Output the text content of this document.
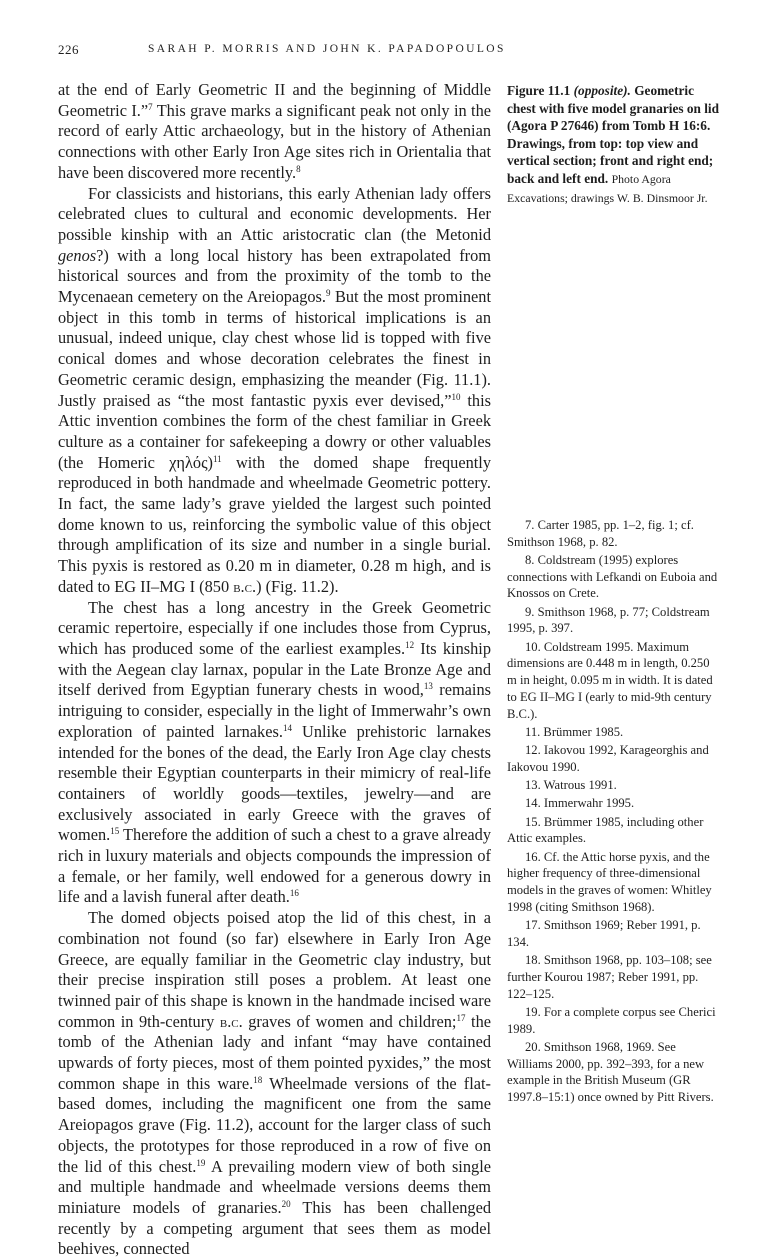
226	SARAH P. MORRIS AND JOHN K. PAPADOPOULOS

at the end of Early Geometric II and the beginning of Middle Geometric I.”$^7$ This grave marks a significant peak not only in the record of early Attic archaeology, but in the history of Athenian connections with other Early Iron Age sites rich in Orientalia that have been discovered more recently.$^8$

For classicists and historians, this early Athenian lady offers celebrated clues to cultural and economic developments. Her possible kinship with an Attic aristocratic clan (the Metonid genos?) with a long local history has been extrapolated from historical sources and from the proximity of the tomb to the Mycenaean cemetery on the Areiopagos.$^9$ But the most prominent object in this tomb in terms of historical implications is an unusual, indeed unique, clay chest whose lid is topped with five conical domes and whose decoration celebrates the finest in Geometric ceramic design, emphasizing the meander (Fig. 11.1). Justly praised as “the most fantastic pyxis ever devised,”$^{10}$ this Attic invention combines the form of the chest familiar in Greek culture as a container for safekeeping a dowry or other valuables (the Homeric χηλός)$^{11}$ with the domed shape frequently reproduced in both handmade and wheelmade Geometric pottery. In fact, the same lady’s grave yielded the largest such pointed dome known to us, reinforcing the symbolic value of this object through amplification of its size and number in a single burial. This pyxis is restored as 0.20 m in diameter, 0.28 m high, and is dated to EG II–MG I (850 b.c.) (Fig. 11.2).

The chest has a long ancestry in the Greek Geometric ceramic repertoire, especially if one includes those from Cyprus, which has produced some of the earliest examples.$^{12}$ Its kinship with the Aegean clay larnax, popular in the Late Bronze Age and itself derived from Egyptian funerary chests in wood,$^{13}$ remains intriguing to consider, especially in the light of Immerwahr’s own exploration of painted larnakes.$^{14}$ Unlike prehistoric larnakes intended for the bones of the dead, the Early Iron Age clay chests resemble their Egyptian counterparts in their mimicry of real-life containers of worldly goods—textiles, jewelry—and are exclusively associated in early Greece with the graves of women.$^{15}$ Therefore the addition of such a chest to a grave already rich in luxury materials and objects compounds the impression of a female, or her family, well endowed for a generous dowry in life and a lavish funeral after death.$^{16}$

The domed objects poised atop the lid of this chest, in a combination not found (so far) elsewhere in Early Iron Age Greece, are equally familiar in the Geometric clay industry, but their precise inspiration still poses a problem. At least one twinned pair of this shape is known in the handmade incised ware common in 9th-century b.c. graves of women and children;$^{17}$ the tomb of the Athenian lady and infant “may have contained upwards of forty pieces, most of them pointed pyxides,” the most common shape in this ware.$^{18}$ Wheelmade versions of the flat-based domes, including the magnificent one from the same Areiopagos grave (Fig. 11.2), account for the larger class of such objects, the prototypes for those reproduced in a row of five on the lid of this chest.$^{19}$ A prevailing modern view of both single and multiple handmade and wheelmade versions deems them miniature models of granaries.$^{20}$ This has been challenged recently by a competing argument that sees them as model beehives, connected

Figure 11.1 (opposite). Geometric chest with five model granaries on lid (Agora P 27646) from Tomb H 16:6. Drawings, from top: top view and vertical section; front and right end; back and left end. Photo Agora Excavations; drawings W. B. Dinsmoor Jr.

7. Carter 1985, pp. 1–2, fig. 1; cf. Smithson 1968, p. 82.

8. Coldstream (1995) explores connections with Lefkandi on Euboia and Knossos on Crete.

9. Smithson 1968, p. 77; Coldstream 1995, p. 397.

10. Coldstream 1995. Maximum dimensions are 0.448 m in length, 0.250 m in height, 0.095 m in width. It is dated to EG II–MG I (early to mid-9th century B.C.).

11. Brümmer 1985.

12. Iakovou 1992, Karageorghis and Iakovou 1990.

13. Watrous 1991.

14. Immerwahr 1995.

15. Brümmer 1985, including other Attic examples.

16. Cf. the Attic horse pyxis, and the higher frequency of three-dimensional models in the graves of women: Whitley 1998 (citing Smithson 1968).

17. Smithson 1969; Reber 1991, p. 134.

18. Smithson 1968, pp. 103–108; see further Kourou 1987; Reber 1991, pp. 122–125.

19. For a complete corpus see Cherici 1989.

20. Smithson 1968, 1969. See Williams 2000, pp. 392–393, for a new example in the British Museum (GR 1997.8–15:1) once owned by Pitt Rivers.
